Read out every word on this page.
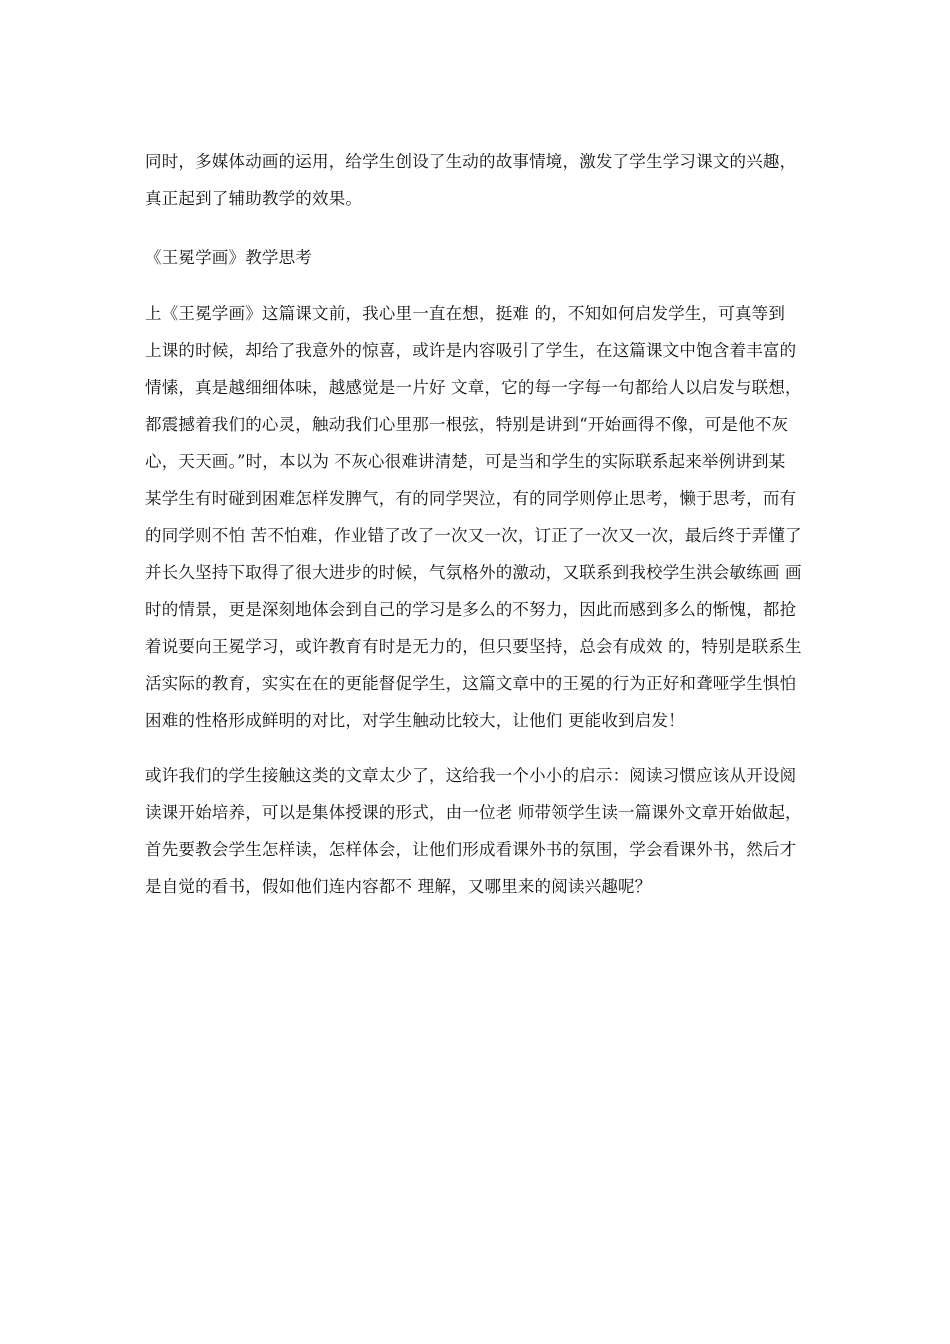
同时，多媒体动画的运用，给学生创设了生动的故事情境，激发了学生学习课文的兴趣，
真正起到了辅助教学的效果。
《王冕学画》教学思考
上《王冕学画》这篇课文前，我心里一直在想，挺难 的，不知如何启发学生，可真等到
上课的时候，却给了我意外的惊喜，或许是内容吸引了学生，在这篇课文中饱含着丰富的
情愫，真是越细细体味，越感觉是一片好 文章，它的每一字每一句都给人以启发与联想，
都震撼着我们的心灵，触动我们心里那一根弦，特别是讲到“开始画得不像，可是他不灰
心，天天画。”时，本以为 不灰心很难讲清楚，可是当和学生的实际联系起来举例讲到某
某学生有时碰到困难怎样发脾气，有的同学哭泣，有的同学则停止思考，懒于思考，而有
的同学则不怕 苦不怕难，作业错了改了一次又一次，订正了一次又一次，最后终于弄懂了
并长久坚持下取得了很大进步的时候，气氛格外的激动，又联系到我校学生洪会敏练画 画
时的情景，更是深刻地体会到自己的学习是多么的不努力，因此而感到多么的惭愧，都抢
着说要向王冕学习，或许教育有时是无力的，但只要坚持，总会有成效 的，特别是联系生
活实际的教育，实实在在的更能督促学生，这篇文章中的王冕的行为正好和聋哑学生惧怕
困难的性格形成鲜明的对比，对学生触动比较大，让他们 更能收到启发！
或许我们的学生接触这类的文章太少了，这给我一个小小的启示：阅读习惯应该从开设阅
读课开始培养，可以是集体授课的形式，由一位老 师带领学生读一篇课外文章开始做起，
首先要教会学生怎样读，怎样体会，让他们形成看课外书的氛围，学会看课外书，然后才
是自觉的看书，假如他们连内容都不 理解，又哪里来的阅读兴趣呢？
